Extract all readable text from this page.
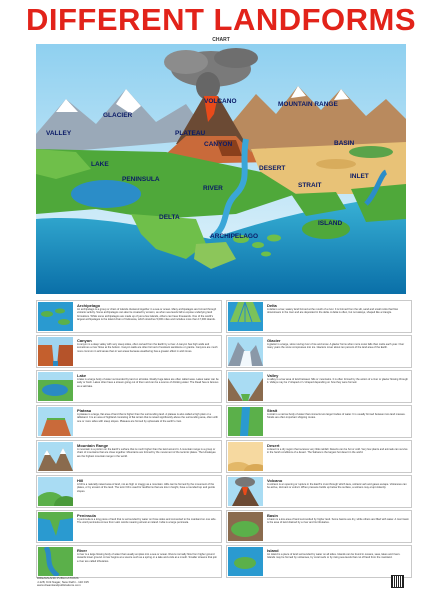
DIFFERENT LANDFORMS
CHART
VOLCANO	MOUNTAIN RANGE
GLACIER
PLATEAU
CANYON
VALLEY
BASIN
LAKE
DESERT
INLET
PENINSULA
RIVER	STRAIT
DELTA
ISLAND
ARCHIPELAGO
Archipelago
An archipelago is a group or chain of islands clustered together in a sea or ocean. Many archipelagos are formed through volcanic activity. Some archipelagos can also be created by erosion, as when sea levels fall to expose underlying land formations. While some archipelagos are made up of just a few islands, others can have thousands. One of the world's largest archipelagos is the island chain of Indonesia, which stretches 5,000 miles and includes more than 17,000 islands.
Canyon
A canyon is a deep valley with very steep sides, often carved from the Earth by a river. A canyon has high walls and sometimes a river flows at the bottom. Canyon walls are often formed of resistant sandstone or granite. Canyons are much more common in arid areas than in wet areas because weathering has a greater effect in arid zones.
Lake
A lake is a large body of water surrounded by land on all sides. Really huge lakes are often called seas. Lakes water can be salty or fresh. Lakes often have a stream going out of them and can be a source of drinking water. The Dead Sea is famous as a salt lake.
Plateau
A plateau is a large, flat area of land that is higher than the surrounding land. A plateau is also called a high plain or a tableland. It is an area of highland consisting of flat terrain that is raised significantly above the surrounding area, often with one or more sides with steep slopes. Plateaus are formed by upheavals of the earth's crust.
Mountain Range
A mountain is a portion on the Earth's surface that is much higher than the land around it. A mountain range is a group or chain of mountains that are close together. Mountains are formed by the movement of the tectonic plates. The Himalayas are the highest mountain range in the world.
Hill
A hill is a naturally raised area of land, not as high or craggy as a mountain. Hills can be formed by the movement of the plates, or by erosion of the land. The term hill is used for landforms that are low in height, have a rounded top and gentle slopes.
Peninsula
A peninsula is a long piece of land that is surrounded by water on three sides and connected to the mainland on one side. The word peninsula comes from Latin words meaning almost an island. India is a large peninsula.
River
A river is a large flowing body of water that usually empties into a sea or ocean. Rivers normally flow from higher ground towards lower ground. A river begins at a source such as a spring or a lake and ends at a mouth. Smaller streams that join a river are called tributaries.
Delta
A delta is a low, watery land formed at the mouth of a river. It is formed from the silt, sand and small rocks that flow downstream in the river and are deposited in the delta. A delta is often, but not always, shaped like a triangle.
Glacier
A glacier is a large, slow moving river of ice and snow. A glacier forms when more snow falls than melts each year. Over many years the snow compresses into ice. Glaciers cover about ten percent of the land area of the Earth.
Valley
A valley is a low area of land between hills or mountains. It is often formed by the action of a river or glacier flowing through it. Valleys may be V shaped or U shaped depending on how they were formed.
Strait
A strait is a narrow body of water that connects two larger bodies of water. It is usually formed between two land masses. Straits are often important shipping routes.
Desert
A desert is a dry region that receives very little rainfall. Deserts can be hot or cold. Very few plants and animals can survive in the harsh conditions of a desert. The Sahara is the largest hot desert in the world.
Volcano
A volcano is an opening or rupture in the Earth's crust through which lava, volcanic ash and gases escape. Volcanoes can be active, dormant or extinct. When pressure builds up below the surface, a volcano may erupt violently.
Basin
A basin is a low area of land surrounded by higher land. Some basins are dry, while others are filled with water. A river basin is the area of land drained by a river and its tributaries.
Island
An island is a piece of land surrounded by water on all sides. Islands can be found in oceans, seas, lakes and rivers. Islands may be formed by volcanoes, by coral reefs or by rising sea levels that cut off land from the mainland.
DREAMLAND PUBLICATIONS
J-128, Kirti Nagar, New Delhi - 110 015
www.dreamlandpublications.com
